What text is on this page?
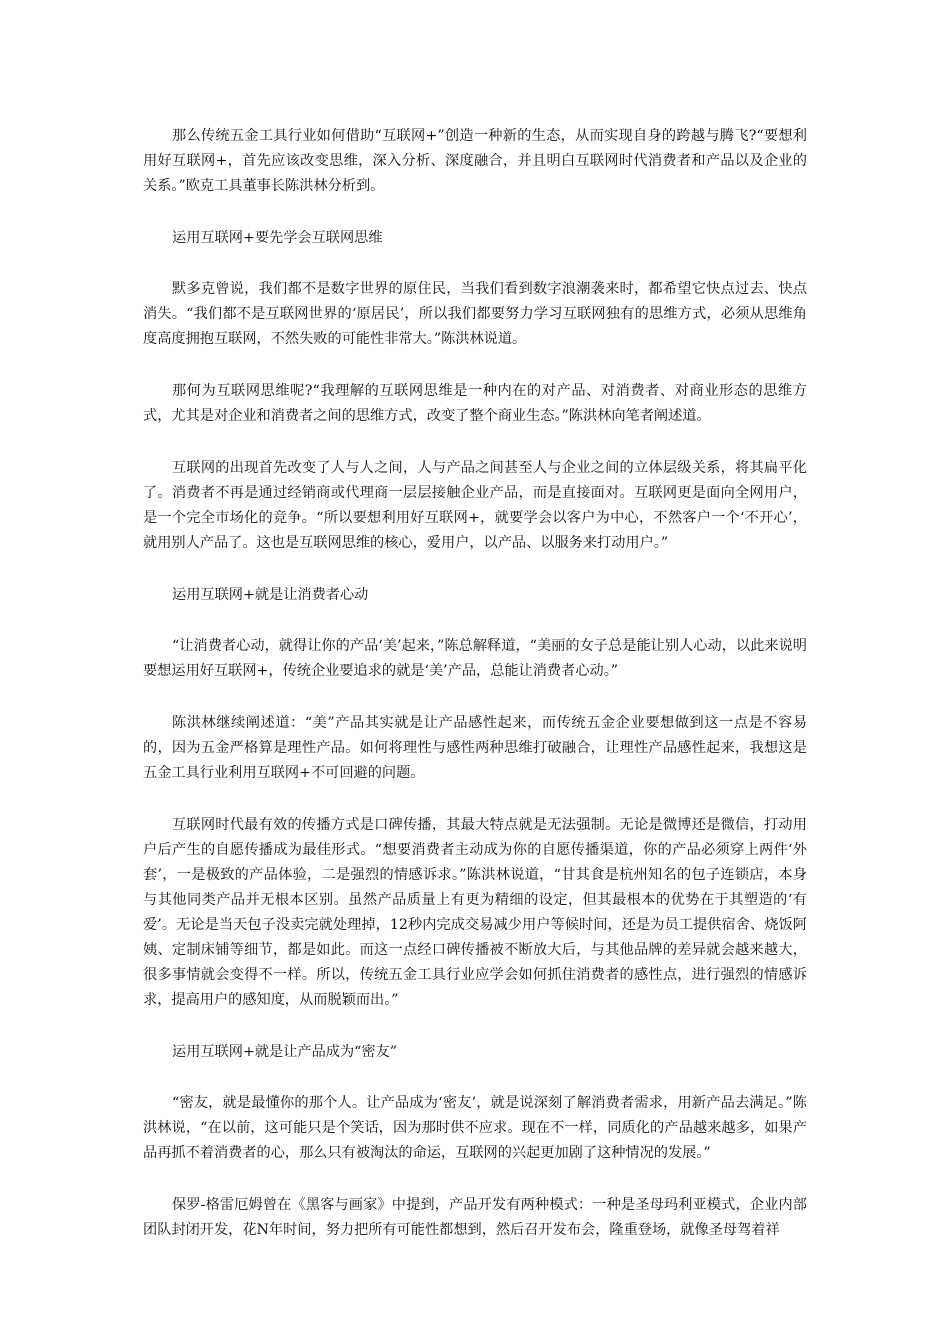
那么传统五金工具行业如何借助“互联网+”创造一种新的生态，从而实现自身的跨越与腾飞?“要想利用好互联网+，首先应该改变思维，深入分析、深度融合，并且明白互联网时代消费者和产品以及企业的关系。”欧克工具董事长陈洪林分析到。

运用互联网+要先学会互联网思维

默多克曾说，我们都不是数字世界的原住民，当我们看到数字浪潮袭来时，都希望它快点过去、快点消失。“我们都不是互联网世界的‘原居民’，所以我们都要努力学习互联网独有的思维方式，必须从思维角度高度拥抱互联网，不然失败的可能性非常大。”陈洪林说道。

那何为互联网思维呢?“我理解的互联网思维是一种内在的对产品、对消费者、对商业形态的思维方式，尤其是对企业和消费者之间的思维方式，改变了整个商业生态。”陈洪林向笔者阐述道。

互联网的出现首先改变了人与人之间，人与产品之间甚至人与企业之间的立体层级关系，将其扁平化了。消费者不再是通过经销商或代理商一层层接触企业产品，而是直接面对。互联网更是面向全网用户，是一个完全市场化的竞争。“所以要想利用好互联网+，就要学会以客户为中心，不然客户一个‘不开心’，就用别人产品了。这也是互联网思维的核心，爱用户，以产品、以服务来打动用户。”

运用互联网+就是让消费者心动

“让消费者心动，就得让你的产品‘美’起来，”陈总解释道，“美丽的女子总是能让别人心动，以此来说明要想运用好互联网+，传统企业要追求的就是‘美’产品，总能让消费者心动。”

陈洪林继续阐述道：“美”产品其实就是让产品感性起来，而传统五金企业要想做到这一点是不容易的，因为五金严格算是理性产品。如何将理性与感性两种思维打破融合，让理性产品感性起来，我想这是五金工具行业利用互联网+不可回避的问题。

互联网时代最有效的传播方式是口碑传播，其最大特点就是无法强制。无论是微博还是微信，打动用户后产生的自愿传播成为最佳形式。“想要消费者主动成为你的自愿传播渠道，你的产品必须穿上两件‘外套’，一是极致的产品体验，二是强烈的情感诉求。”陈洪林说道，“甘其食是杭州知名的包子连锁店，本身与其他同类产品并无根本区别。虽然产品质量上有更为精细的设定，但其最根本的优势在于其塑造的‘有爱’。无论是当天包子没卖完就处理掉，12秒内完成交易减少用户等候时间，还是为员工提供宿舍、烧饭阿姨、定制床铺等细节，都是如此。而这一点经口碑传播被不断放大后，与其他品牌的差异就会越来越大，很多事情就会变得不一样。所以，传统五金工具行业应学会如何抓住消费者的感性点，进行强烈的情感诉求，提高用户的感知度，从而脱颖而出。”

运用互联网+就是让产品成为“密友”

“密友，就是最懂你的那个人。让产品成为‘密友’，就是说深刻了解消费者需求，用新产品去满足。”陈洪林说，“在以前，这可能只是个笑话，因为那时供不应求。现在不一样，同质化的产品越来越多，如果产品再抓不着消费者的心，那么只有被淘汰的命运，互联网的兴起更加剧了这种情况的发展。”

保罗-格雷厄姆曾在《黑客与画家》中提到，产品开发有两种模式：一种是圣母玛利亚模式，企业内部团队封闭开发，花N年时间，努力把所有可能性都想到，然后召开发布会，隆重登场，就像圣母驾着祥
